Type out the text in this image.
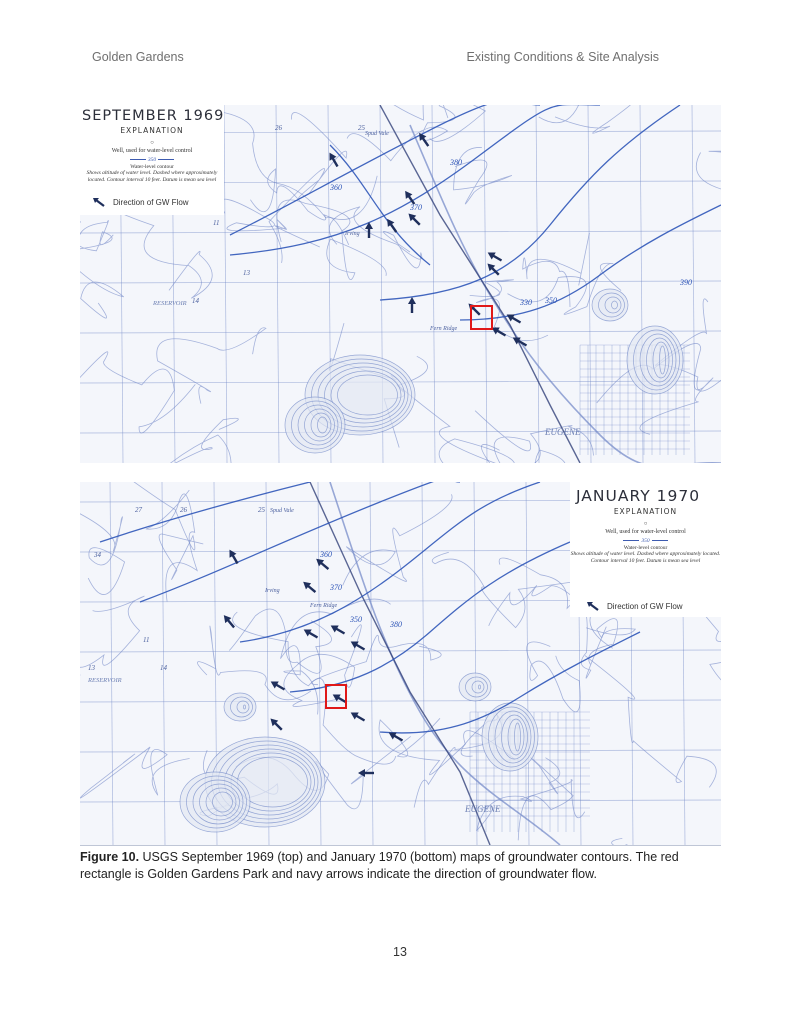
Golden Gardens	Existing Conditions & Site Analysis
26	25
11
13
14
RESERVOIR
Spud Vale
Irving
Fern Ridge
EUGENE
360
370
380
330 350
390
SEPTEMBER 1969
EXPLANATION
○
Well, used for water-level control
350
Water-level contour
Shows altitude of water level. Dashed where approximately located. Contour interval 10 feet. Datum is mean sea level
Direction of GW Flow
27	26	25
34
11
13	14
RESERVOIR
Spud Vale
Irving
Fern Ridge
EUGENE
360
370
380
350
JANUARY 1970
EXPLANATION
○
Well, used for water-level control
350
Water-level contour
Shows altitude of water level. Dashed where approximately located. Contour interval 10 feet. Datum is mean sea level
Direction of GW Flow
Figure 10. USGS September 1969 (top) and January 1970 (bottom) maps of groundwater contours. The red rectangle is Golden Gardens Park and navy arrows indicate the direction of groundwater flow.
13
